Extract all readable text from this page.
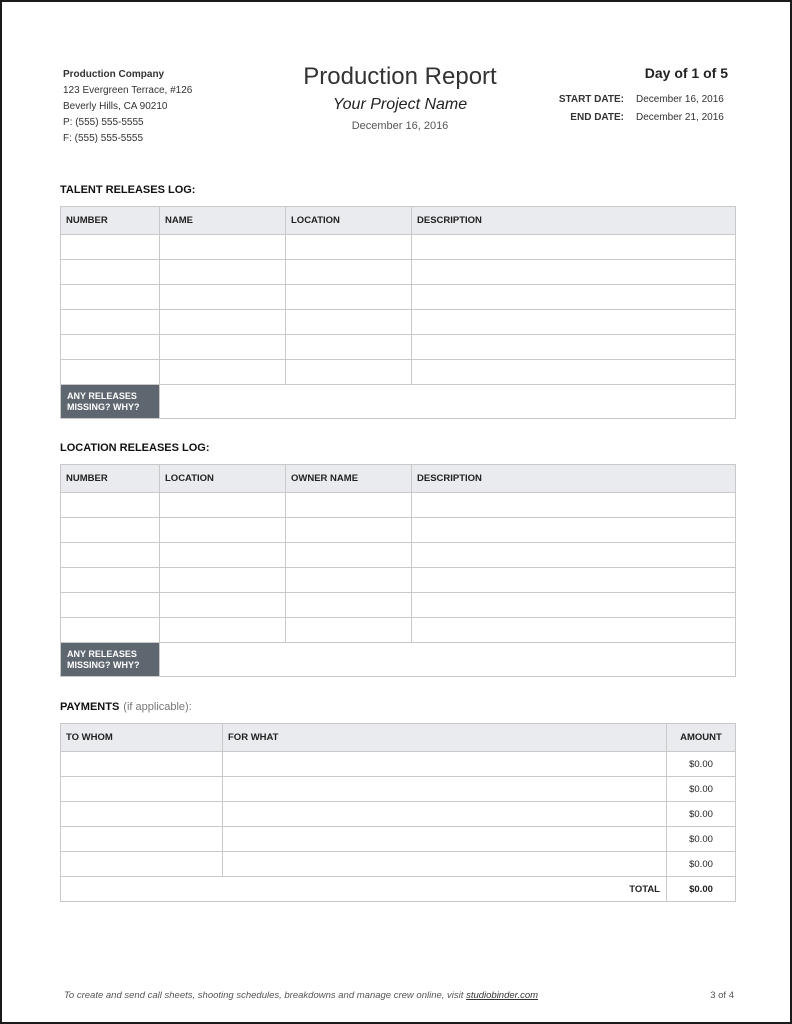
Production Company
123 Evergreen Terrace, #126
Beverly Hills, CA 90210
P: (555) 555-5555
F: (555) 555-5555
Production Report
Your Project Name
December 16, 2016
Day of 1 of 5
START DATE: December 16, 2016
END DATE: December 21, 2016
TALENT RELEASES LOG:
NUMBER	NAME	LOCATION	DESCRIPTION

ANY RELEASES MISSING? WHY?			
LOCATION RELEASES LOG:
NUMBER	LOCATION	OWNER NAME	DESCRIPTION

ANY RELEASES MISSING? WHY?			
PAYMENTS (if applicable):
TO WHOM	FOR WHAT	AMOUNT
		$0.00
		$0.00
		$0.00
		$0.00
		$0.00
TOTAL		$0.00
To create and send call sheets, shooting schedules, breakdowns and manage crew online, visit studiobinder.com	3 of 4
